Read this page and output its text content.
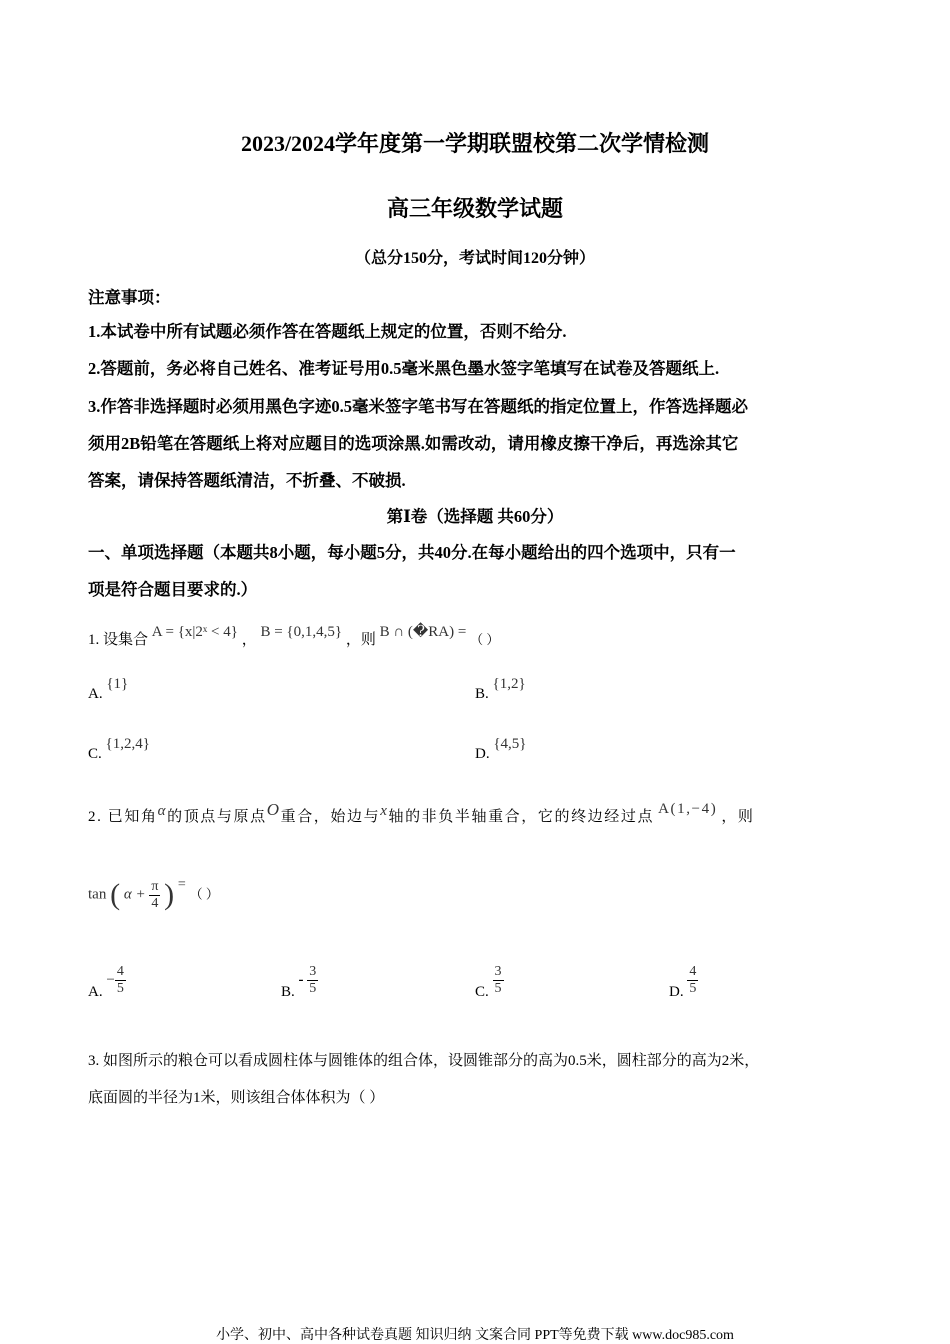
2023/2024学年度第一学期联盟校第二次学情检测
高三年级数学试题
（总分150分，考试时间120分钟）
注意事项：
1.本试卷中所有试题必须作答在答题纸上规定的位置，否则不给分.
2.答题前，务必将自己姓名、准考证号用0.5毫米黑色墨水签字笔填写在试卷及答题纸上.
3.作答非选择题时必须用黑色字迹0.5毫米签字笔书写在答题纸的指定位置上，作答选择题必
须用2B铅笔在答题纸上将对应题目的选项涂黑.如需改动，请用橡皮擦干净后，再选涂其它
答案，请保持答题纸清洁，不折叠、不破损.
第Ⅰ卷（选择题 共60分）
一、单项选择题（本题共8小题，每小题5分，共40分.在每小题给出的四个选项中，只有一
项是符合题目要求的.）
1. 设集合 A = {x|2ˣ < 4} ， B = {0,1,4,5} ，则 B ∩ (�RA) = （ ）
A. {1}
B. {1,2}
C. {1,2,4}
D. {4,5}
2. 已知角α的顶点与原点O重合，始边与x轴的非负半轴重合，它的终边经过点 A(1,−4) ，则
tan ( $\alpha + \frac{\pi}{4}$ ) = （ ）
A. − $\frac{4}{5}$	B. - $\frac{3}{5}$	C. $\frac{3}{5}$	D. $\frac{4}{5}$
3. 如图所示的粮仓可以看成圆柱体与圆锥体的组合体，设圆锥部分的高为0.5米，圆柱部分的高为2米，
底面圆的半径为1米，则该组合体体积为（ ）
小学、初中、高中各种试卷真题 知识归纳 文案合同 PPT等免费下载 www.doc985.com
